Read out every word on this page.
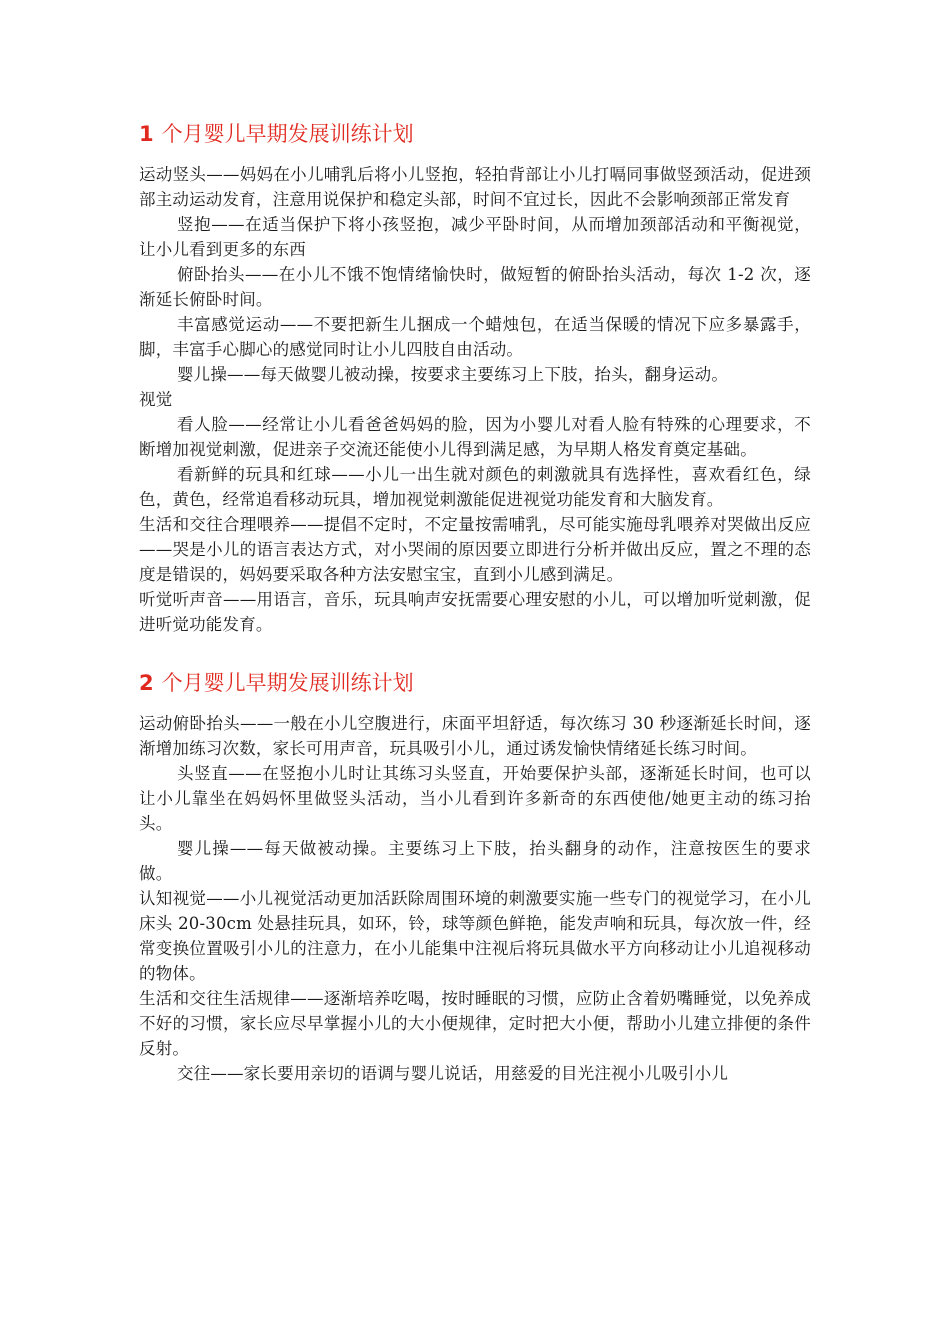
1 个月婴儿早期发展训练计划

运动竖头——妈妈在小儿哺乳后将小儿竖抱，轻拍背部让小儿打嗝同事做竖颈活动，促进颈部主动运动发育，注意用说保护和稳定头部，时间不宜过长，因此不会影响颈部正常发育

竖抱——在适当保护下将小孩竖抱，减少平卧时间，从而增加颈部活动和平衡视觉，让小儿看到更多的东西

俯卧抬头——在小儿不饿不饱情绪愉快时，做短暂的俯卧抬头活动，每次 1-2 次，逐渐延长俯卧时间。

丰富感觉运动——不要把新生儿捆成一个蜡烛包，在适当保暖的情况下应多暴露手，脚，丰富手心脚心的感觉同时让小儿四肢自由活动。

婴儿操——每天做婴儿被动操，按要求主要练习上下肢，抬头，翻身运动。

视觉

看人脸——经常让小儿看爸爸妈妈的脸，因为小婴儿对看人脸有特殊的心理要求，不断增加视觉刺激，促进亲子交流还能使小儿得到满足感，为早期人格发育奠定基础。

看新鲜的玩具和红球——小儿一出生就对颜色的刺激就具有选择性，喜欢看红色，绿色，黄色，经常追看移动玩具，增加视觉刺激能促进视觉功能发育和大脑发育。

生活和交往合理喂养——提倡不定时，不定量按需哺乳，尽可能实施母乳喂养对哭做出反应——哭是小儿的语言表达方式，对小哭闹的原因要立即进行分析并做出反应，置之不理的态度是错误的，妈妈要采取各种方法安慰宝宝，直到小儿感到满足。

听觉听声音——用语言，音乐，玩具响声安抚需要心理安慰的小儿，可以增加听觉刺激，促进听觉功能发育。

2 个月婴儿早期发展训练计划

运动俯卧抬头——一般在小儿空腹进行，床面平坦舒适，每次练习 30 秒逐渐延长时间，逐渐增加练习次数，家长可用声音，玩具吸引小儿，通过诱发愉快情绪延长练习时间。

头竖直——在竖抱小儿时让其练习头竖直，开始要保护头部，逐渐延长时间，也可以让小儿靠坐在妈妈怀里做竖头活动，当小儿看到许多新奇的东西使他/她更主动的练习抬头。

婴儿操——每天做被动操。主要练习上下肢，抬头翻身的动作，注意按医生的要求做。

认知视觉——小儿视觉活动更加活跃除周围环境的刺激要实施一些专门的视觉学习，在小儿床头 20-30cm 处悬挂玩具，如环，铃，球等颜色鲜艳，能发声响和玩具，每次放一件，经常变换位置吸引小儿的注意力，在小儿能集中注视后将玩具做水平方向移动让小儿追视移动的物体。

生活和交往生活规律——逐渐培养吃喝，按时睡眠的习惯，应防止含着奶嘴睡觉，以免养成不好的习惯，家长应尽早掌握小儿的大小便规律，定时把大小便，帮助小儿建立排便的条件反射。

交往——家长要用亲切的语调与婴儿说话，用慈爱的目光注视小儿吸引小儿
